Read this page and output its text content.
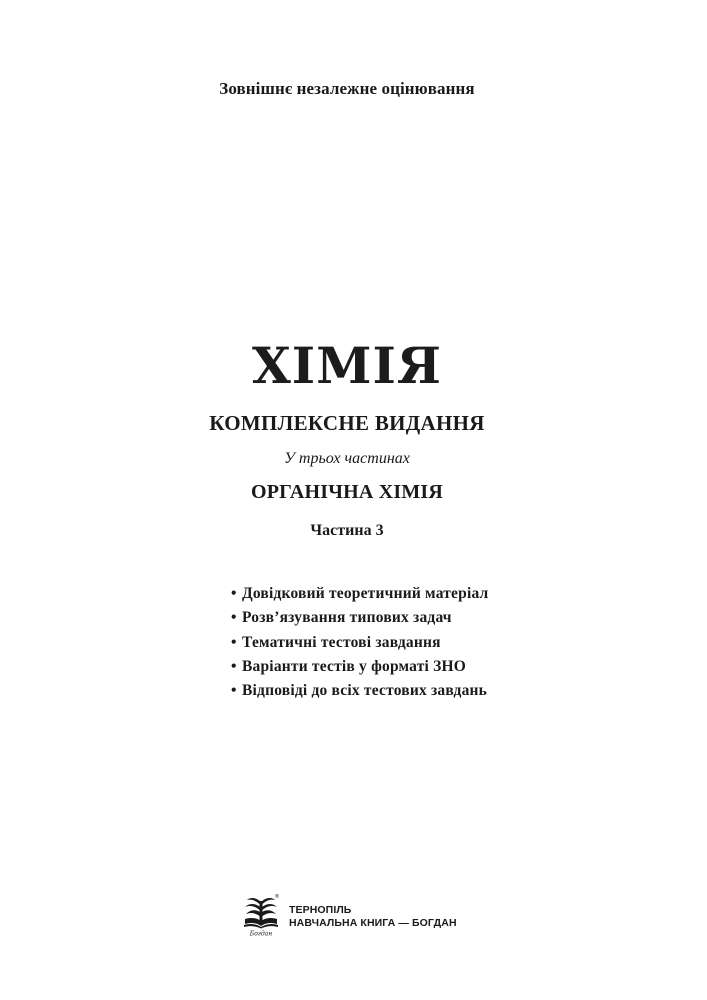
Зовнішнє незалежне оцінювання
ХІМІЯ
КОМПЛЕКСНЕ ВИДАННЯ
У трьох частинах
ОРГАНІЧНА ХІМІЯ
Частина 3
• Довідковий теоретичний матеріал
• Розв’язування типових задач
• Тематичні тестові завдання
• Варіанти тестів у форматі ЗНО
• Відповіді до всіх тестових завдань
Богдан
®
ТЕРНОПІЛЬ
НАВЧАЛЬНА КНИГА — БОГДАН
